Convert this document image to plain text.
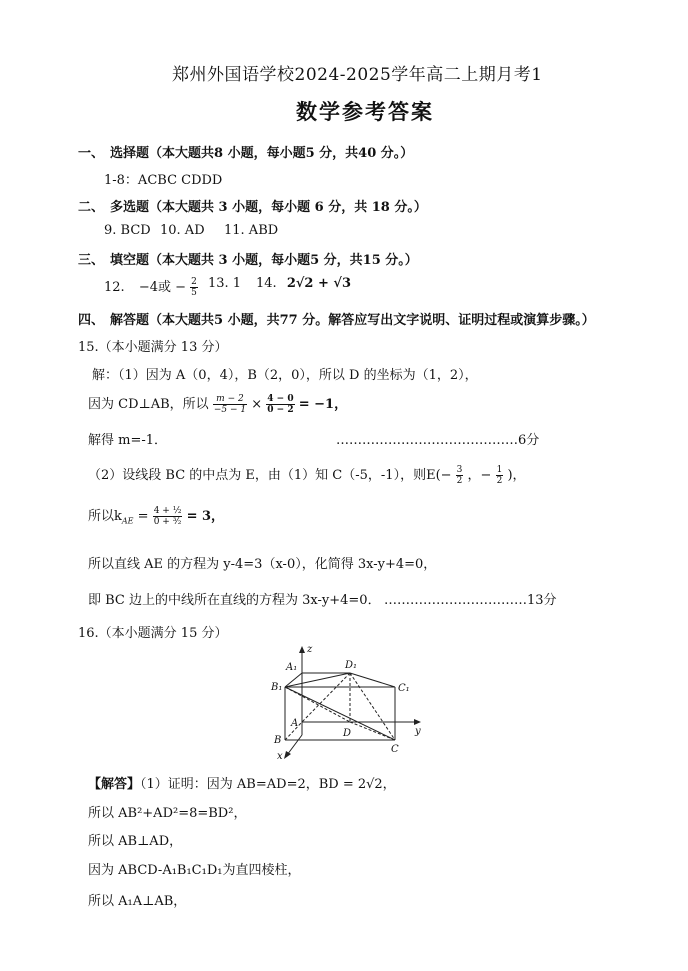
郑州外国语学校2024-2025学年高二上期月考1
数学参考答案
一、 选择题（本大题共8 小题，每小题5 分，共40 分。）
1-8：ACBC CDDD
二、 多选题（本大题共 3 小题，每小题 6 分，共 18 分。）
9. BCD 10. AD 11. ABD
三、 填空题（本大题共 3 小题，每小题5 分，共15 分。）
12. −4或 − $\frac{2}{5} 13$. 1 14. 2√2 + √3
四、 解答题（本大题共5 小题，共77 分。解答应写出文字说明、证明过程或演算步骤。）
15.（本小题满分 13 分）
解：（1）因为 A（0，4），B（2，0），所以 D 的坐标为（1，2），
因为 CD⊥AB，所以 $\frac{m - 2}{-5 - 1} \times \frac{4 - 0}{0 - 2} = -1$，
解得 m=-1．	……………………………………6分
（2）设线段 BC 的中点为 E，由（1）知 C（-5，-1），则$E(- \frac{3}{2}$ ，− $\frac{1}{2}$ )，
所以$k_{AE} = \frac{\text{4 + ½}}{\text{0 + ³⁄₂}} = 3$，
所以直线 AE 的方程为 y-4=3（x-0），化简得 3x-y+4=0，
即 BC 边上的中线所在直线的方程为 3x-y+4=0． ……………………………13分
16.（本小题满分 15 分）
z
y
x
A₁	D₁
B₁	C₁
A
D
B
C
【解答】（1）证明：因为 AB=AD=2，BD = 2√2，
所以 AB²+AD²=8=BD²，
所以 AB⊥AD，
因为 ABCD-A₁B₁C₁D₁为直四棱柱，
所以 A₁A⊥AB，
